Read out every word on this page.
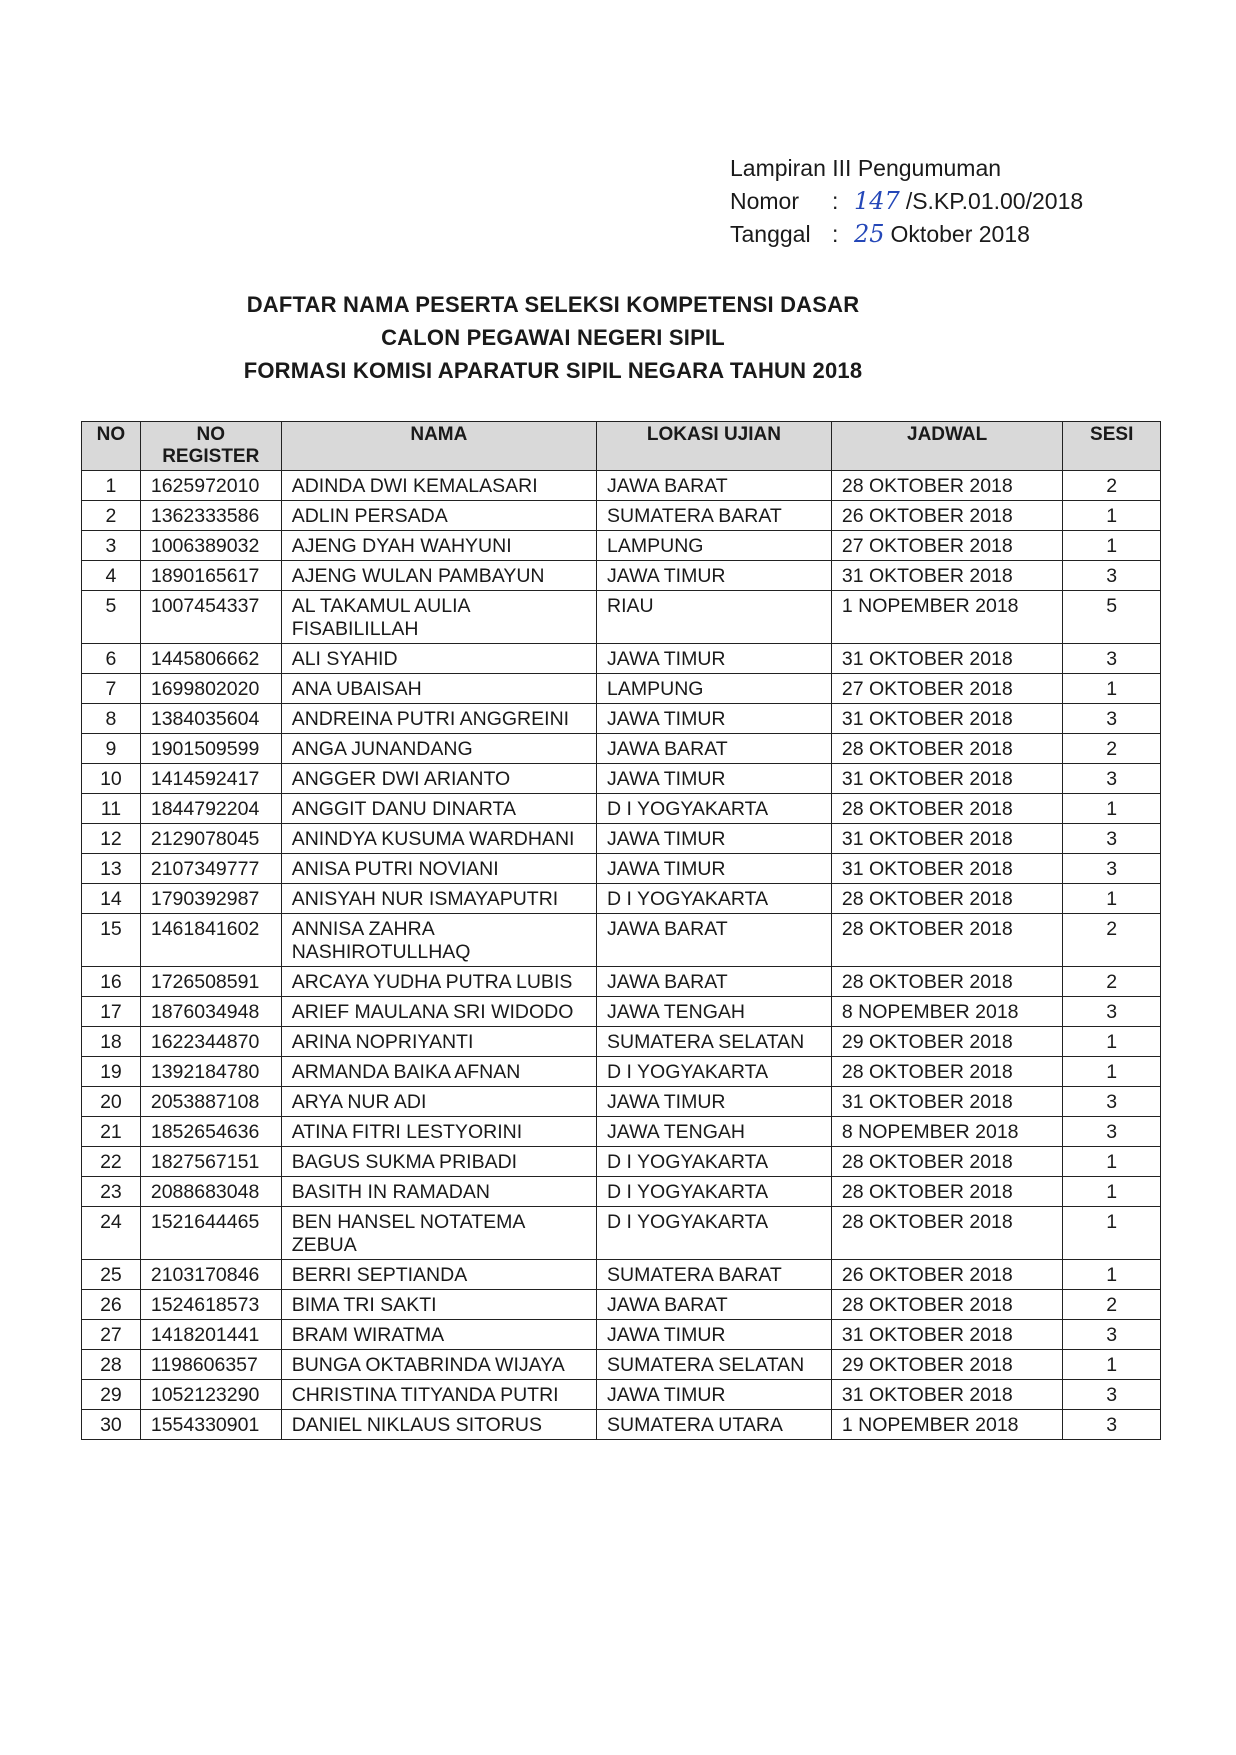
Lampiran III Pengumuman
Nomor	: 147 /S.KP.01.00/2018
Tanggal : 25 Oktober 2018
DAFTAR NAMA PESERTA SELEKSI KOMPETENSI DASAR
CALON PEGAWAI NEGERI SIPIL
FORMASI KOMISI APARATUR SIPIL NEGARA TAHUN 2018
NO	NO REGISTER	NAMA	LOKASI UJIAN	JADWAL	SESI
1	1625972010	ADINDA DWI KEMALASARI	JAWA BARAT	28 OKTOBER 2018	2
2	1362333586	ADLIN PERSADA	SUMATERA BARAT	26 OKTOBER 2018	1
3	1006389032	AJENG DYAH WAHYUNI	LAMPUNG	27 OKTOBER 2018	1
4	1890165617	AJENG WULAN PAMBAYUN	JAWA TIMUR	31 OKTOBER 2018	3
5	1007454337	AL TAKAMUL AULIA FISABILILLAH	RIAU	1 NOPEMBER 2018	5
6	1445806662	ALI SYAHID	JAWA TIMUR	31 OKTOBER 2018	3
7	1699802020	ANA UBAISAH	LAMPUNG	27 OKTOBER 2018	1
8	1384035604	ANDREINA PUTRI ANGGREINI	JAWA TIMUR	31 OKTOBER 2018	3
9	1901509599	ANGA JUNANDANG	JAWA BARAT	28 OKTOBER 2018	2
10	1414592417	ANGGER DWI ARIANTO	JAWA TIMUR	31 OKTOBER 2018	3
11	1844792204	ANGGIT DANU DINARTA	D I YOGYAKARTA	28 OKTOBER 2018	1
12	2129078045	ANINDYA KUSUMA WARDHANI	JAWA TIMUR	31 OKTOBER 2018	3
13	2107349777	ANISA PUTRI NOVIANI	JAWA TIMUR	31 OKTOBER 2018	3
14	1790392987	ANISYAH NUR ISMAYAPUTRI	D I YOGYAKARTA	28 OKTOBER 2018	1
15	1461841602	ANNISA ZAHRA NASHIROTULLHAQ	JAWA BARAT	28 OKTOBER 2018	2
16	1726508591	ARCAYA YUDHA PUTRA LUBIS	JAWA BARAT	28 OKTOBER 2018	2
17	1876034948	ARIEF MAULANA SRI WIDODO	JAWA TENGAH	8 NOPEMBER 2018	3
18	1622344870	ARINA NOPRIYANTI	SUMATERA SELATAN	29 OKTOBER 2018	1
19	1392184780	ARMANDA BAIKA AFNAN	D I YOGYAKARTA	28 OKTOBER 2018	1
20	2053887108	ARYA NUR ADI	JAWA TIMUR	31 OKTOBER 2018	3
21	1852654636	ATINA FITRI LESTYORINI	JAWA TENGAH	8 NOPEMBER 2018	3
22	1827567151	BAGUS SUKMA PRIBADI	D I YOGYAKARTA	28 OKTOBER 2018	1
23	2088683048	BASITH IN RAMADAN	D I YOGYAKARTA	28 OKTOBER 2018	1
24	1521644465	BEN HANSEL NOTATEMA ZEBUA	D I YOGYAKARTA	28 OKTOBER 2018	1
25	2103170846	BERRI SEPTIANDA	SUMATERA BARAT	26 OKTOBER 2018	1
26	1524618573	BIMA TRI SAKTI	JAWA BARAT	28 OKTOBER 2018	2
27	1418201441	BRAM WIRATMA	JAWA TIMUR	31 OKTOBER 2018	3
28	1198606357	BUNGA OKTABRINDA WIJAYA	SUMATERA SELATAN	29 OKTOBER 2018	1
29	1052123290	CHRISTINA TITYANDA PUTRI	JAWA TIMUR	31 OKTOBER 2018	3
30	1554330901	DANIEL NIKLAUS SITORUS	SUMATERA UTARA	1 NOPEMBER 2018	3
